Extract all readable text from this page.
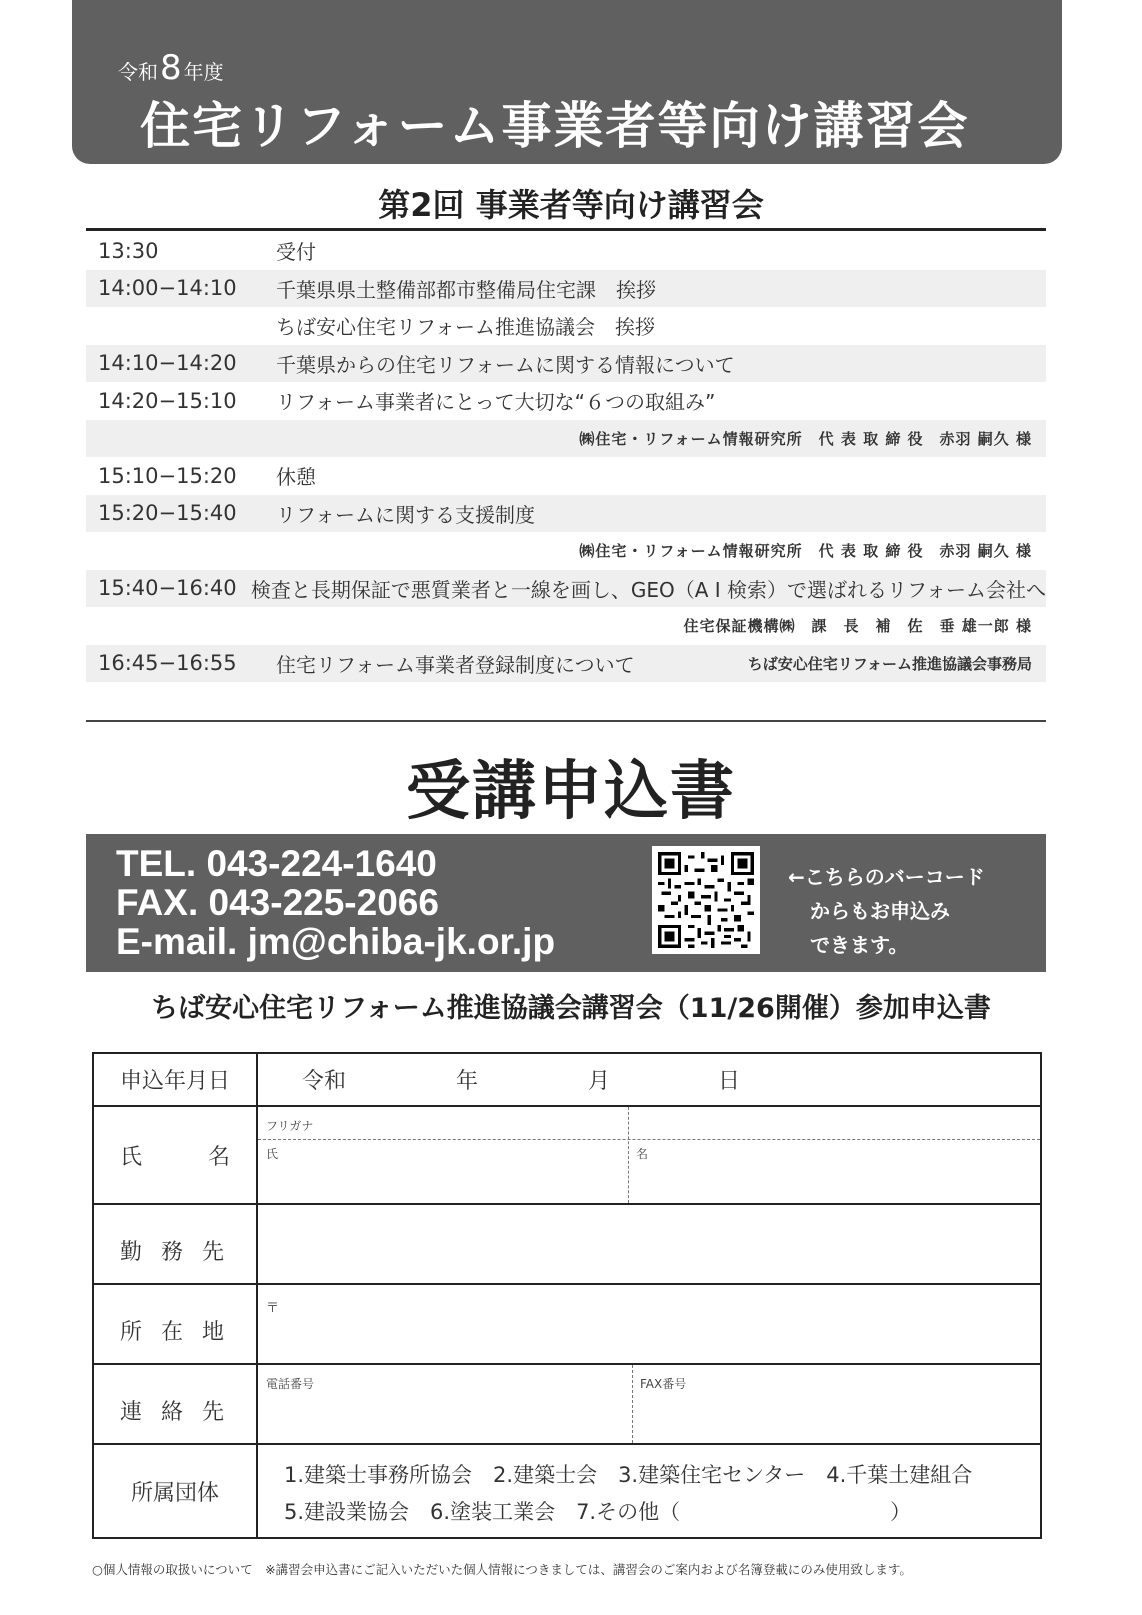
令和8 年度
住宅リフォーム事業者等向け講習会
第2回 事業者等向け講習会
13:30	受付
14:00−14:10	千葉県県土整備部都市整備局住宅課　挨拶
ちば安心住宅リフォーム推進協議会　挨拶
14:10−14:20	千葉県からの住宅リフォームに関する情報について
14:20−15:10	リフォーム事業者にとって大切な“６つの取組み”
㈱住宅・リフォーム情報研究所　代 表 取 締 役　赤羽 嗣久 様
15:10−15:20	休憩
15:20−15:40	リフォームに関する支援制度
㈱住宅・リフォーム情報研究所　代 表 取 締 役　赤羽 嗣久 様
15:40−16:40 検査と長期保証で悪質業者と一線を画し、GEO（A I 検索）で選ばれるリフォーム会社へ
住宅保証機構㈱　課　長　補　佐　垂 雄一郎 様
16:45−16:55	住宅リフォーム事業者登録制度について	ちば安心住宅リフォーム推進協議会事務局
受講申込書
TEL. 043-224-1640
FAX. 043-225-2066
E-mail. jm@chiba-jk.or.jp
←こちらのバーコード
からもお申込み
できます。
ちば安心住宅リフォーム推進協議会講習会（11/26開催）参加申込書
申込年月日	令和	年	月	日
氏　名
フリガナ
氏	名
勤 務 先
所 在 地
〒
連 絡 先
電話番号	FAX番号
所属団体
1.建築士事務所協会　2.建築士会　3.建築住宅センター　4.千葉土建組合
5.建設業協会　6.塗装工業会　7.その他（　　　　　　　　　　）
○個人情報の取扱いについて　※講習会申込書にご記入いただいた個人情報につきましては、講習会のご案内および名簿登載にのみ使用致します。
